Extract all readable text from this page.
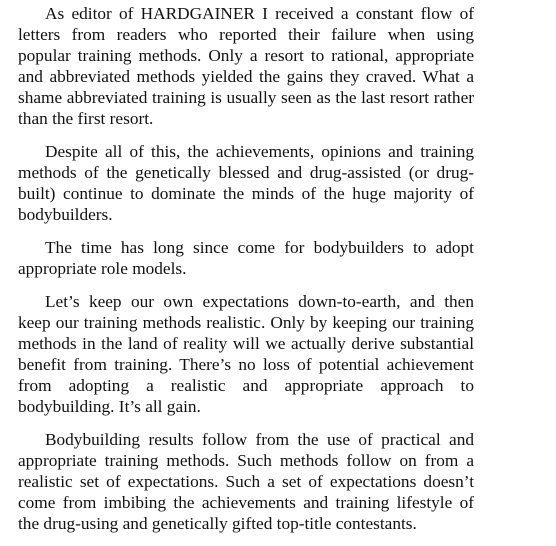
As editor of HARDGAINER I received a constant flow of letters from readers who reported their failure when using popular training methods. Only a resort to rational, appropriate and abbreviated methods yielded the gains they craved. What a shame abbreviated training is usually seen as the last resort rather than the first resort.

Despite all of this, the achievements, opinions and training methods of the genetically blessed and drug-assisted (or drug-built) continue to dominate the minds of the huge majority of bodybuilders.

The time has long since come for bodybuilders to adopt appropriate role models.

Let’s keep our own expectations down-to-earth, and then keep our training methods realistic. Only by keeping our training methods in the land of reality will we actually derive substantial benefit from training. There’s no loss of potential achievement from adopting a realistic and appropriate approach to bodybuilding. It’s all gain.

Bodybuilding results follow from the use of practical and appropriate training methods. Such methods follow on from a realistic set of expectations. Such a set of expectations doesn’t come from imbibing the achievements and training lifestyle of the drug-using and genetically gifted top-title contestants.
